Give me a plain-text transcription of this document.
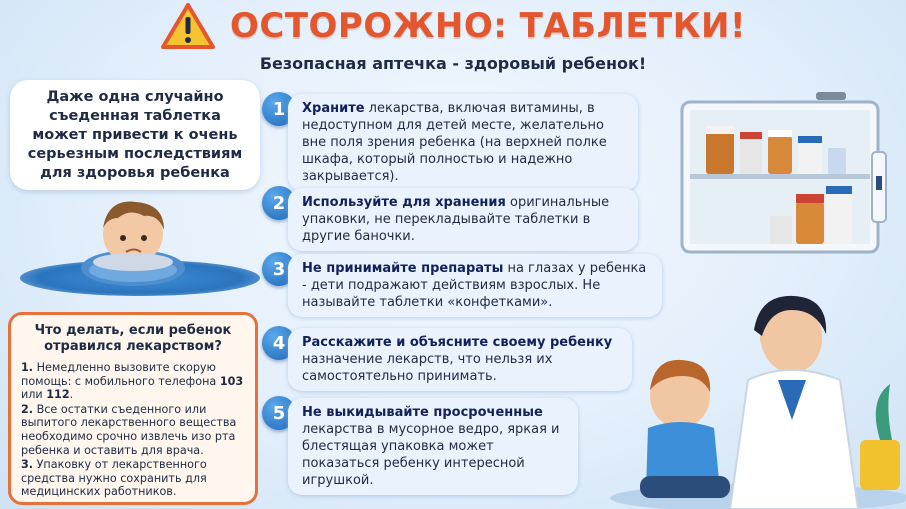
ОСТОРОЖНО: ТАБЛЕТКИ!
Безопасная аптечка - здоровый ребенок!
Даже одна случайно съеденная таблетка может привести к очень серьезным последствиям для здоровья ребенка
1	Храните лекарства, включая витамины, в недоступном для детей месте, желательно вне поля зрения ребенка (на верхней полке шкафа, который полностью и надежно закрывается).
2	Используйте для хранения оригинальные упаковки, не перекладывайте таблетки в другие баночки.
3	Не принимайте препараты на глазах у ребенка - дети подражают действиям взрослых. Не называйте таблетки «конфетками».
4	Расскажите и объясните своему ребенку назначение лекарств, что нельзя их самостоятельно принимать.
5	Не выкидывайте просроченные лекарства в мусорное ведро, яркая и блестящая упаковка может показаться ребенку интересной игрушкой.
Что делать, если ребенок отравился лекарством?

1. Немедленно вызовите скорую помощь: с мобильного телефона 103 или 112.

2. Все остатки съеденного или выпитого лекарственного вещества необходимо срочно извлечь изо рта ребенка и оставить для врача.

3. Упаковку от лекарственного средства нужно сохранить для медицинских работников.
